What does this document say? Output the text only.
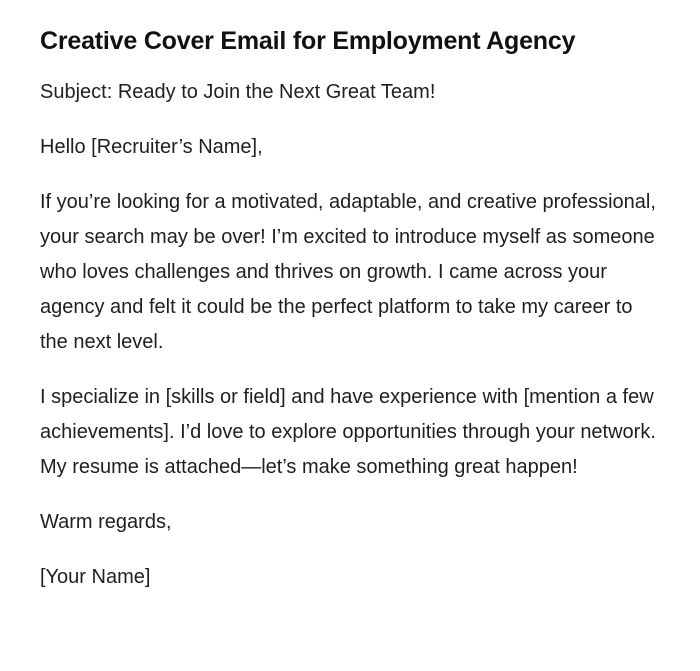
Creative Cover Email for Employment Agency

Subject: Ready to Join the Next Great Team!

Hello [Recruiter’s Name],

If you’re looking for a motivated, adaptable, and creative professional, your search may be over! I’m excited to introduce myself as someone who loves challenges and thrives on growth. I came across your agency and felt it could be the perfect platform to take my career to the next level.

I specialize in [skills or field] and have experience with [mention a few achievements]. I’d love to explore opportunities through your network. My resume is attached—let’s make something great happen!

Warm regards,

[Your Name]
